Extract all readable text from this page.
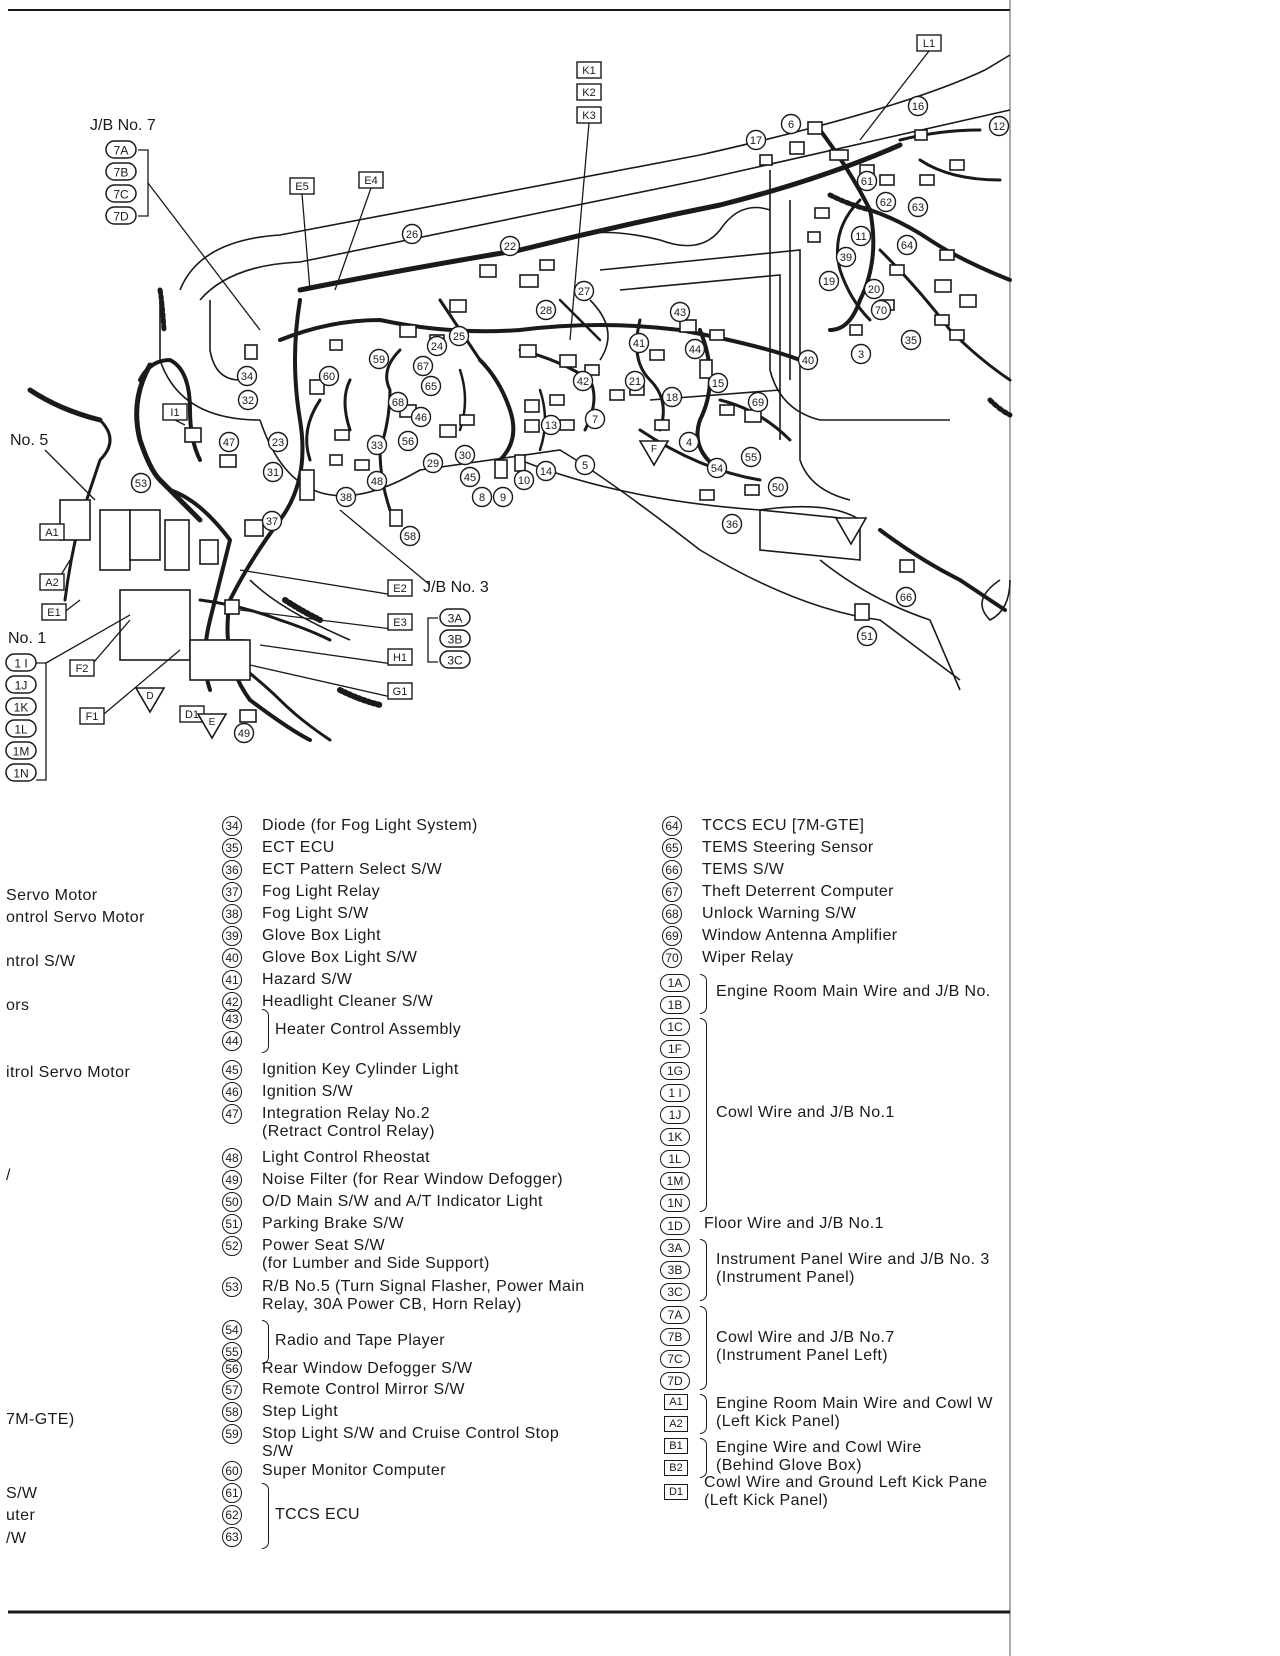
J/B No. 7
7A
7B
7C
7D
J/B No. 3
3A
3B
3C
No. 5
No. 1
1 I
1J
1K
1L
1M
1N
L1
K1
K2
K3
E5	E4
I1
A1
A2
E1
F2
F1	D1
E2
E3
H1
G1
F
D
E
16
6
17
12
61
62 63
11
39
64
19
20
70
35
3
40
22
26
27
28	43
41	44
15
24
25
59
67
60
34
32
65
68
42	21
18	69
7
47
46
13
4
23	33 56
31
29
30
14	5	54
55
45
8 9
10
48
38
50
53
37	36
58
66
51
49
Servo Motor
ontrol Servo Motor
ntrol S/W
ors
itrol Servo Motor
/
7M-GTE)
S/W
uter
/W
34 Diode (for Fog Light System)
35 ECT ECU
36 ECT Pattern Select S/W
37 Fog Light Relay
38 Fog Light S/W
39 Glove Box Light
40 Glove Box Light S/W
41 Hazard S/W
42 Headlight Cleaner S/W
43
44
Heater Control Assembly
45 Ignition Key Cylinder Light
46 Ignition S/W
47 Integration Relay No.2
(Retract Control Relay)
48 Light Control Rheostat
49 Noise Filter (for Rear Window Defogger)
50 O/D Main S/W and A/T Indicator Light
51 Parking Brake S/W
52 Power Seat S/W
(for Lumber and Side Support)
53 R/B No.5 (Turn Signal Flasher, Power Main
Relay, 30A Power CB, Horn Relay)
54
55
Radio and Tape Player
56 Rear Window Defogger S/W
57 Remote Control Mirror S/W
58 Step Light
59 Stop Light S/W and Cruise Control Stop
S/W
60 Super Monitor Computer
61
62
63
TCCS ECU
64 TCCS ECU [7M-GTE]
65 TEMS Steering Sensor
66 TEMS S/W
67 Theft Deterrent Computer
68 Unlock Warning S/W
69 Window Antenna Amplifier
70 Wiper Relay
1A
1B
Engine Room Main Wire and J/B No.
1C
1F
1G
1 I
1J
1K
1L
1M
1N
Cowl Wire and J/B No.1
1D	Floor Wire and J/B No.1
3A
3B
3C
Instrument Panel Wire and J/B No. 3
(Instrument Panel)
7A
7B
7C
7D
Cowl Wire and J/B No.7
(Instrument Panel Left)
A1
A2
Engine Room Main Wire and Cowl W
(Left Kick Panel)
B1
B2
Engine Wire and Cowl Wire
(Behind Glove Box)
D1
Cowl Wire and Ground Left Kick Pane
(Left Kick Panel)
